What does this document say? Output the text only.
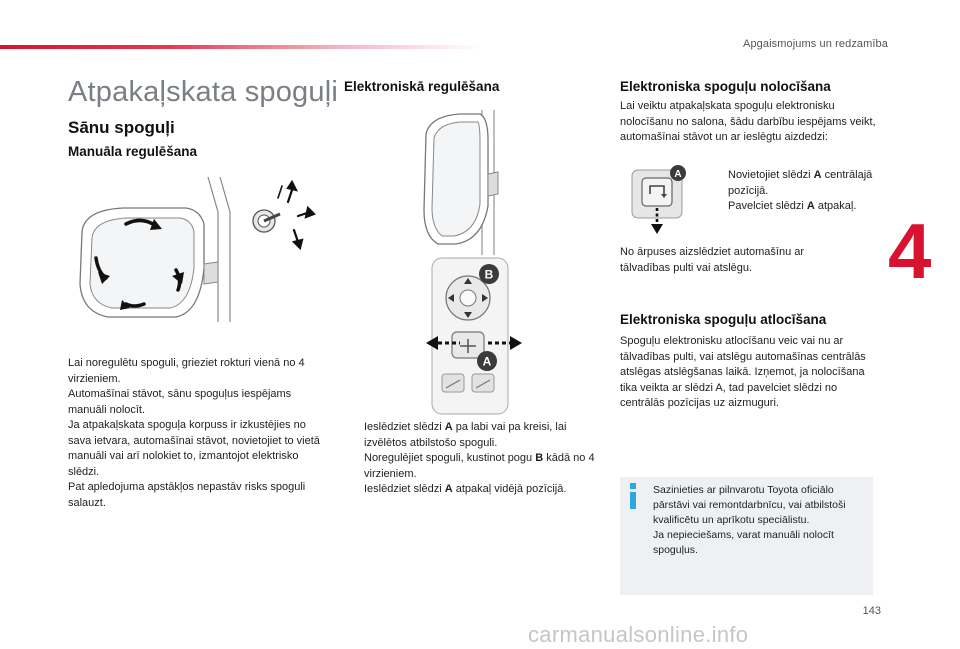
Apgaismojums un redzamība
Atpakaļskata spoguļi
Sānu spoguļi
Manuāla regulēšana

Lai noregulētu spoguli, grieziet rokturi vienā no 4 virzieniem.

Automašīnai stāvot, sānu spoguļus iespējams manuāli nolocīt.

Ja atpakaļskata spoguļa korpuss ir izkustējies no sava ietvara, automašīnai stāvot, novietojiet to vietā manuāli vai arī nolokiet to, izmantojot elektrisko slēdzi.

Pat apledojuma apstākļos nepastāv risks spoguli salauzt.

Elektroniskā regulēšana
B
A
Ieslēdziet slēdzi A pa labi vai pa kreisi, lai izvēlētos atbilstošo spoguli.
Noregulējiet spoguli, kustinot pogu B kādā no 4 virzieniem.
Ieslēdziet slēdzi A atpakaļ vidējā pozīcijā.
Elektroniska spoguļu nolocīšana
Lai veiktu atpakaļskata spoguļu elektronisku nolocīšanu no salona, šādu darbību iespējams veikt, automašīnai stāvot un ar ieslēgtu aizdedzi:
A	Novietojiet slēdzi A centrālajā pozīcijā.
Pavelciet slēdzi A atpakaļ.
No ārpuses aizslēdziet automašīnu ar tālvadības pulti vai atslēgu.
Elektroniska spoguļu atlocīšana
Spoguļu elektronisku atlocīšanu veic vai nu ar tālvadības pulti, vai atslēgu automašīnas centrālās atslēgas atslēgšanas laikā. Izņemot, ja nolocīšana tika veikta ar slēdzi A, tad pavelciet slēdzi no centrālās pozīcijas uz aizmuguri.

Sazinieties ar pilnvarotu Toyota oficiālo pārstāvi vai remontdarbnīcu, vai atbilstoši kvalificētu un aprīkotu speciālistu.

Ja nepieciešams, varat manuāli nolocīt spoguļus.

4
143
carmanualsonline.info
